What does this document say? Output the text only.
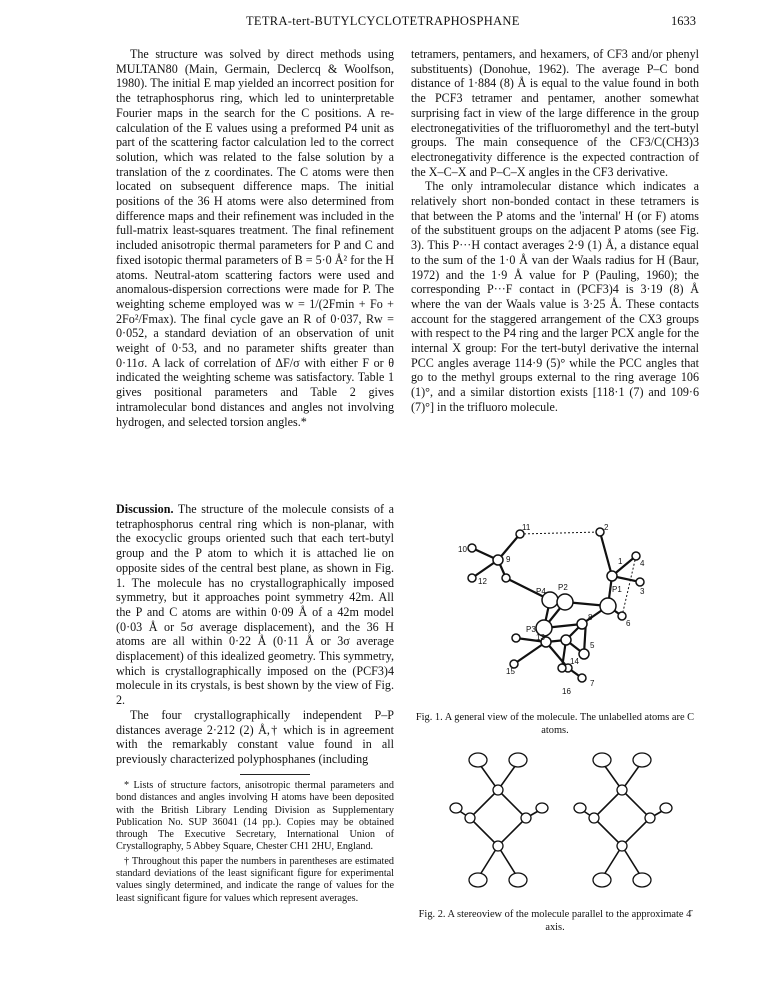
TETRA-tert-BUTYLCYCLOTETRAPHOSPHANE	1633

The structure was solved by direct methods using MULTAN80 (Main, Germain, Declercq & Woolfson, 1980). The initial E map yielded an incorrect position for the tetraphosphorus ring, which led to uninterpretable Fourier maps in the search for the C positions. A re-calculation of the E values using a preformed P4 unit as part of the scattering factor calculation led to the correct solution, which was related to the false solution by a translation of the z coordinates. The C atoms were then located on subsequent difference maps. The initial positions of the 36 H atoms were also determined from difference maps and their refinement was included in the full-matrix least-squares treatment. The final refinement included anisotropic thermal parameters for P and C and fixed isotopic thermal parameters of B = 5·0 Å² for the H atoms. Neutral-atom scattering factors were used and anomalous-dispersion corrections were made for P. The weighting scheme employed was w = 1/(2Fmin + Fo + 2Fo²/Fmax). The final cycle gave an R of 0·037, Rw = 0·052, a standard deviation of an observation of unit weight of 0·53, and no parameter shifts greater than 0·11σ. A lack of correlation of ΔF/σ with either F or θ indicated the weighting scheme was satisfactory. Table 1 gives positional parameters and Table 2 gives intramolecular bond distances and angles not involving hydrogen, and selected torsion angles.*

tetramers, pentamers, and hexamers, of CF3 and/or phenyl substituents) (Donohue, 1962). The average P–C bond distance of 1·884 (8) Å is equal to the value found in both the PCF3 tetramer and pentamer, another somewhat surprising fact in view of the large difference in the group electronegativities of the trifluoromethyl and the tert-butyl groups. The main consequence of the CF3/C(CH3)3 electronegativity difference is the expected contraction of the X–C–X and P–C–X angles in the CF3 derivative.

The only intramolecular distance which indicates a relatively short non-bonded contact in these tetramers is that between the P atoms and the 'internal' H (or F) atoms of the substituent groups on the adjacent P atoms (see Fig. 3). This P···H contact averages 2·9 (1) Å, a distance equal to the sum of the 1·0 Å van der Waals radius for H (Baur, 1972) and the 1·9 Å value for P (Pauling, 1960); the corresponding P···F contact in (PCF3)4 is 3·19 (8) Å where the van der Waals value is 3·25 Å. These contacts account for the staggered arrangement of the CX3 groups with respect to the P4 ring and the larger PCX angle for the internal X group: For the tert-butyl derivative the internal PCC angles average 114·9 (5)° while the PCC angles that go to the methyl groups external to the ring average 106 (1)°, and a similar distortion exists [118·1 (7) and 109·6 (7)°] in the trifluoro molecule.

Discussion. The structure of the molecule consists of a tetraphosphorus central ring which is non-planar, with the exocyclic groups oriented such that each tert-butyl group and the P atom to which it is attached lie on opposite sides of the central best plane, as shown in Fig. 1. The molecule has no crystallographically imposed symmetry, but it approaches point symmetry 42m. All the P and C atoms are within 0·09 Å of a 42m model (0·03 Å or 5σ average displacement), and the 36 H atoms are all within 0·22 Å (0·11 Å or 3σ average displacement) of this idealized geometry. This symmetry, which is crystallographically imposed on the (PCF3)4 molecule in its crystals, is best shown by the view of Fig. 2.

The four crystallographically independent P–P distances average 2·212 (2) Å,† which is in agreement with the remarkably constant value found in all previously characterized polyphosphanes (including

* Lists of structure factors, anisotropic thermal parameters and bond distances and angles involving H atoms have been deposited with the British Library Lending Division as Supplementary Publication No. SUP 36041 (14 pp.). Copies may be obtained through The Executive Secretary, International Union of Crystallography, 5 Abbey Square, Chester CH1 2HU, England.

† Throughout this paper the numbers in parentheses are estimated standard deviations of the least significant figure for experimental values singly determined, and indicate the range of values for the least significant figure for values which represent averages.

11	2
10
9	1 4
12
P2
P4	P1 3
P3
8
6
5
13
15
14
7
16
Fig. 1. A general view of the molecule. The unlabelled atoms are C atoms.
Fig. 2. A stereoview of the molecule parallel to the approximate 4̄ axis.
